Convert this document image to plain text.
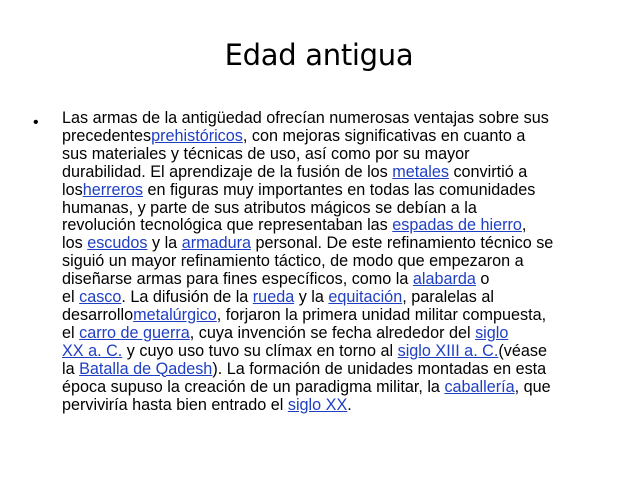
Edad antigua
• Las armas de la antigüedad ofrecían numerosas ventajas sobre sus
precedentesprehistóricos, con mejoras significativas en cuanto a
sus materiales y técnicas de uso, así como por su mayor
durabilidad. El aprendizaje de la fusión de los metales convirtió a
losherreros en figuras muy importantes en todas las comunidades
humanas, y parte de sus atributos mágicos se debían a la
revolución tecnológica que representaban las espadas de hierro,
los escudos y la armadura personal. De este refinamiento técnico se
siguió un mayor refinamiento táctico, de modo que empezaron a
diseñarse armas para fines específicos, como la alabarda o
el casco. La difusión de la rueda y la equitación, paralelas al
desarrollometalúrgico, forjaron la primera unidad militar compuesta,
el carro de guerra, cuya invención se fecha alrededor del siglo
XX a. C. y cuyo uso tuvo su clímax en torno al siglo XIII a. C.(véase
la Batalla de Qadesh). La formación de unidades montadas en esta
época supuso la creación de un paradigma militar, la caballería, que
perviviría hasta bien entrado el siglo XX.
